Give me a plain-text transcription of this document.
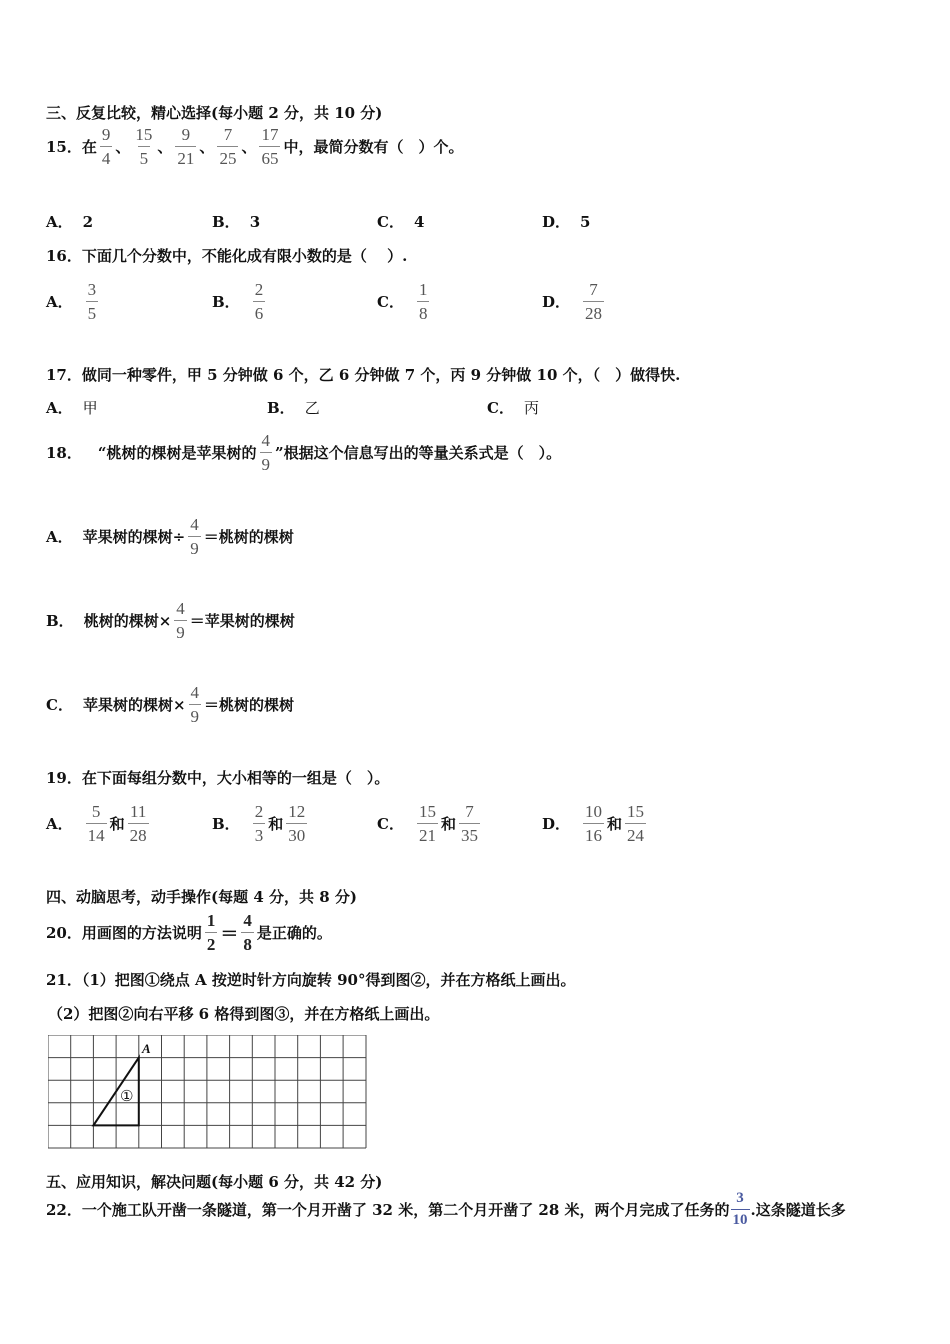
三、反复比较，精心选择(每小题 2 分，共 10 分)
15． 在 $\frac{9}{4}$ 、 $\frac{15}{5}$ 、 $\frac{9}{21}$ 、 $\frac{7}{25}$ 、 $\frac{17}{65}$ 中，最简分数有（　）个。
A． 2	B． 3	C． 4	D． 5
16．下面几个分数中，不能化成有限小数的是（　 ）.
A． $\frac{3}{5}$	B． $\frac{2}{6}$	C． $\frac{1}{8}$	D． $\frac{7}{28}$
17．做同一种零件，甲 5 分钟做 6 个，乙 6 分钟做 7 个，丙 9 分钟做 10 个，（　）做得快.
A． 甲	B． 乙	C． 丙
18． “桃树的棵树是苹果树的 $\frac{4}{9}$ ”根据这个信息写出的等量关系式是（　）。
A． 苹果树的棵树÷ $\frac{4}{9}$ ＝桃树的棵树
B． 桃树的棵树× $\frac{4}{9}$ ＝苹果树的棵树
C． 苹果树的棵树× $\frac{4}{9}$ ＝桃树的棵树
19．在下面每组分数中，大小相等的一组是（　）。
A． $\frac{5}{14}$ 和 $\frac{11}{28}$	B． $\frac{2}{3}$ 和 $\frac{12}{30}$	C． $\frac{15}{21}$ 和 $\frac{7}{35}$	D． $\frac{10}{16}$ 和 $\frac{15}{24}$
四、动脑思考，动手操作(每题 4 分，共 8 分)
20．用画图的方法说明 $\frac{1}{2} = \frac{4}{8}$ 是正确的。
21．（1）把图①绕点 A 按逆时针方向旋转 90°得到图②，并在方格纸上画出。
（2）把图②向右平移 6 格得到图③，并在方格纸上画出。
A
①
五、应用知识，解决问题(每小题 6 分，共 42 分)
22．一个施工队开凿一条隧道，第一个月开凿了 32 米，第二个月开凿了 28 米，两个月完成了任务的 $\frac{3}{10}$ .这条隧道长多
